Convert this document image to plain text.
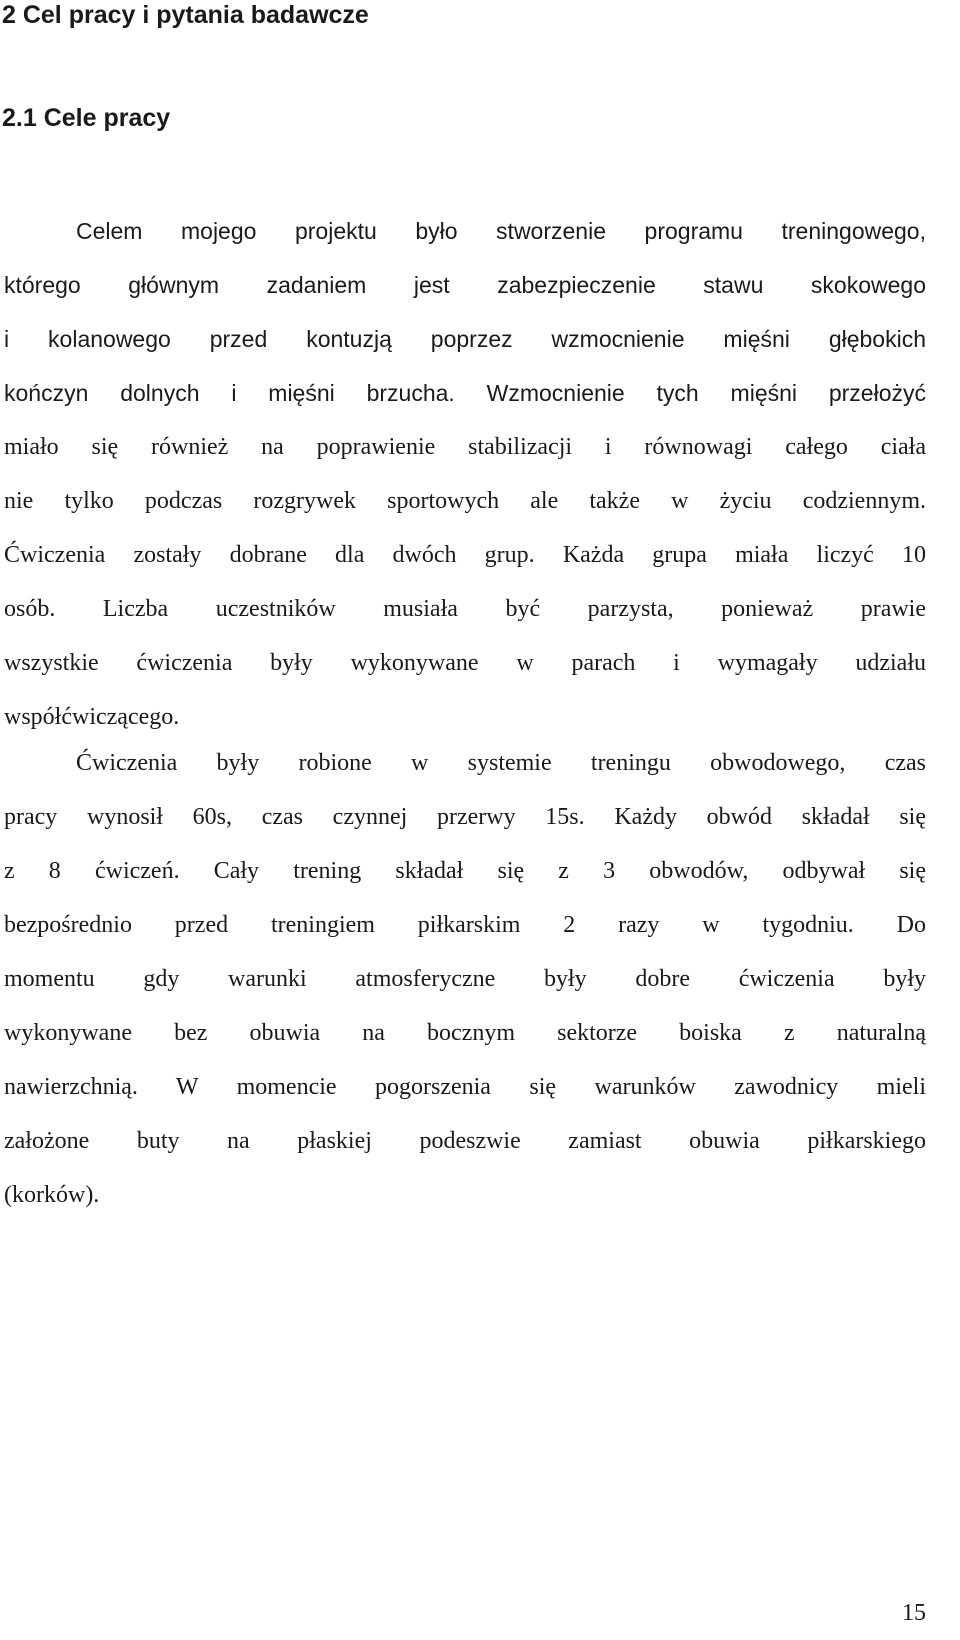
2 Cel pracy i pytania badawcze
2.1 Cele pracy
Celem mojego projektu było stworzenie programu treningowego,
którego głównym zadaniem jest zabezpieczenie stawu skokowego
i kolanowego przed kontuzją poprzez wzmocnienie mięśni głębokich
kończyn dolnych i mięśni brzucha. Wzmocnienie tych mięśni przełożyć
miało się również na poprawienie stabilizacji i równowagi całego ciała
nie tylko podczas rozgrywek sportowych ale także w życiu codziennym.
Ćwiczenia zostały dobrane dla dwóch grup. Każda grupa miała liczyć 10
osób. Liczba uczestników musiała być parzysta, ponieważ prawie
wszystkie ćwiczenia były wykonywane w parach i wymagały udziału
współćwiczącego.
Ćwiczenia były robione w systemie treningu obwodowego, czas
pracy wynosił 60s, czas czynnej przerwy 15s. Każdy obwód składał się
z 8 ćwiczeń. Cały trening składał się z 3 obwodów, odbywał się
bezpośrednio przed treningiem piłkarskim 2 razy w tygodniu. Do
momentu gdy warunki atmosferyczne były dobre ćwiczenia były
wykonywane bez obuwia na bocznym sektorze boiska z naturalną
nawierzchnią. W momencie pogorszenia się warunków zawodnicy mieli
założone buty na płaskiej podeszwie zamiast obuwia piłkarskiego
(korków).
15
